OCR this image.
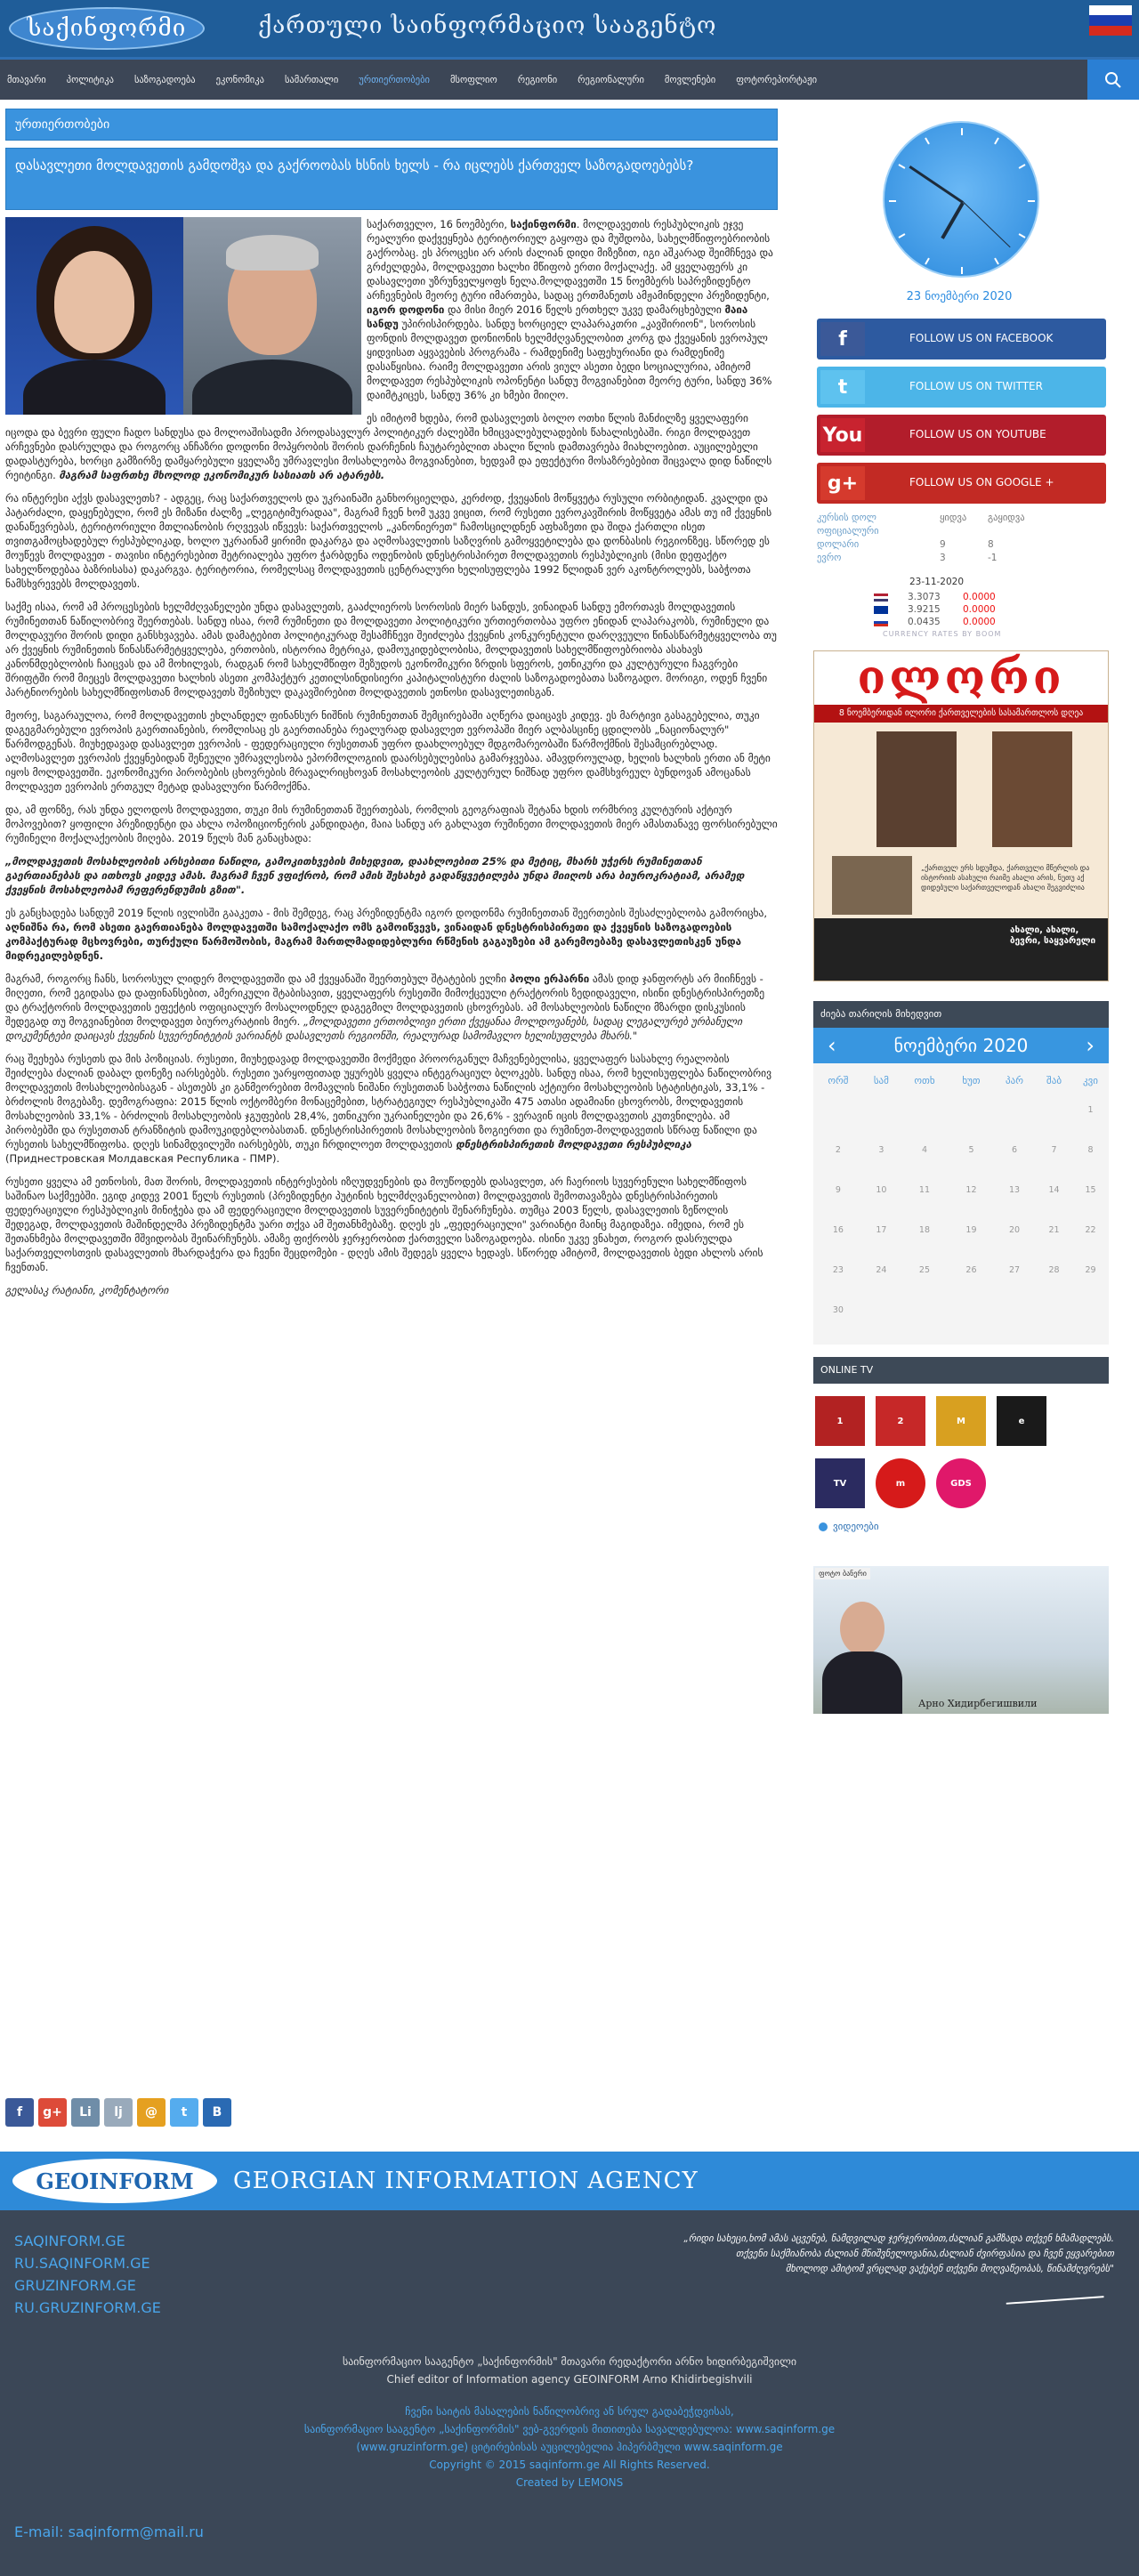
საქინფორმი	ქართული საინფორმაციო სააგენტო
მთავარი პოლიტიკა საზოგადოება ეკონომიკა სამართალი ურთიერთობები მსოფლიო რეგიონი რეგიონალური მოვლენები ფოტორეპორტაჟი
ურთიერთობები
დასავლეთი მოლდავეთის გამდოშვა და გაქროობას ხსნის ხელს - რა იცლებს ქართველ საზოგადოებებს?

საქართველო, 16 ნოემბერი, საქინფორმი. მოლდავეთის რესპუბლიკის ეჯვე რეალური დაქვეყნება ტერიტორიულ გაყოფა და მუშდობა, სახელმწიფოებრიობის გაქრობაც. ეს პროცესი არ არის ძალიან დიდი მიზეზით, იგი აშკარად შეიმჩნევა და გრძელდება, მოლდავეთი ხალხი მწიფობ ერთი მოქალაქე. ამ ყველაფერს კი დასავლეთი უზრუნველყოფს ნელა.მოლდავეთში 15 ნოემბერს საპრეზიდენტო არჩევნების მეორე ტური იმართება, სადაც ერთმანეთს ამჟამინდელი პრეზიდენტი, იგორ დოდონი და მისი მიერ 2016 წელს ერთხელ უკვე დამარცხებული მაია სანდუ უპირისპირდება. სანდუ ხორციელ ლაპარაკთრი „კავშირიონ", სოროსის ფონდის მოლდავეთ დონიონის ხელმძღვანელობით კორგ და ქვეყანის ევროპულ ყიდვისათ აყვავების პროგრამა - რამდენიმე საფეხურიანი და რამდენიმე დასაწყისია. რაიმე მოლდავეთი არის ვიულ ასეთი ბედი სოციალურია, ამიტომ მოლდავეთ რესპუბლიკის ოპონენტი სანდუ მოგვიანებით მეორე ტური, სანდუ 36% დაიმტკიცეს, სანდუ 36% კი ხმები მიიღო.

ეს იმიტომ ხდება, რომ დასავლეთს ბოლო ოთხი წლის მანძილზე ყველაფერი იცოდა და ბევრი ფული ჩადო სანდუსა და მოლოაშისადმი პროდასავლურ პოლიტიკურ ძალებში ხმიცვალებულადების წახალისებაში. რიგი მოლდავეთ არჩევნები დასრულდა და როგორც ანჩაზრი დოდონი მოპყრობის შორის დარჩენის ჩაუტარებლით ახალი წლის დამთავრება მიახლოებით. აუცილებელი დადასტურება, ხორცი გამზირზე დამყარებული ყველაზე უმრავლესი მოსახლეობა მოგვიანებით, ხედვამ და ეფექტური მოსაზრებებით შიცვალა დიდ ნაწილს რეიტინგი. მაგრამ საფრთხე მხოლოდ ეკონომიკურ სასიათს არ ატარებს.

რა ინტერესი აქვს დასავლეთს? - ადგეც, რაც საქართველოს და უკრაინაში განხორციელდა, კერძოდ, ქვეყანის მოწყვეტა რუსული ორბიტიდან. კვალდი და პატარძალი, დაყენებული, რომ ეს მიზანი ძალზე „ლეგიტიმურადაა", მაგრამ ჩვენ ხომ უკვე ვიცით, რომ რუსეთი ევროკავშირის მოწყვეტა ამას თუ იმ ქვეყნის დანაწევრებას, ტერიტორიული მთლიანობის რღვევას იწვევს: საქართველოს „კანონიერეთ" ჩამოსცილდნენ აფხაზეთი და შიდა ქართლი ისეთ თვითგამოცხადებულ რესპუბლიკად, ხოლო უკრაინამ ყირიმი დაკარგა და აღმოსავლეთის საზღვრის გამოყვეტილება და დონბასის რეგიონზეც. სწორედ ეს მოუწევს მოლდავეთ - თავისი ინტერესებით შეტრიალება უფრო ჭარბდენა ოდენობის დნესტრისპირეთ მოლდავეთის რესპუბლიკის (მისი დეფაქტო სახელწოდებაა ბაზრისასა) დაკარგვა. ტერიტორია, რომელსაც მოლდავეთის ცენტრალური ხელისუფლება 1992 წლიდან ვერ აკონტროლებს, საბჭოთა ნამსხვრევებს მოლდავეთს.

საქმე ისაა, რომ ამ პროცესების ხელმძღვანელები უნდა დასავლეთს, გააძლიეროს სოროსის მიერ სანდუს, ვინაიდან სანდუ ემორთავს მოლდავეთის რუმინეთთან ნაწილობრივ შეერთებას. სანდუ ისაა, რომ რუმინეთი და მოლდავეთი პოლიტიკური ურთიერთობაა უფრო ენიდან ლაპარაკობს, რუმინული და მოლდავური შორის დიდი განსხვავება. ამას დამატებით პოლიტიკურად შესამჩნევი შეიძლება ქვეყნის კონკურენტული დარღვეული წინასწარმეტყველობა თუ არ ქვეყნის რუმინეთის წინასწარმეტყველება, ერთობის, ისტორია მეტრიკა, დამოუკიდებლობისა, მოლდავეთის სახელმწიფოებრიობა ასახავს კანონმდებლობის ჩაიცვას და ამ მოხილვას, რადგან რომ სახელმწიფო შეზუდოს ეკონომიკური ზრდის სფეროს, ეთნიკური და კულტურული ჩაგვრები შრიფტში რომ მიეცეს მოლდავეთი ხალხის ასეთი კომპაქტურ კეთილსინდისიერი კაპიტალისტური ძალის საზოგადოებათა საზოგადო. მორიგი, ოდენ ჩვენი პარტნიორების სახელმწიფოსთან მოლდავეთს შეზიხულ დაკავშირებით მოლდავეთის ეთნოსი დასავლეთისგან.

მეორე, საგარაულოა, რომ მოლდავეთის ეხლანდელ ფინანსურ ნიშნის რუმინეთთან შემცირებაში აღწერა დაიცავს კიდევ. ეს მარტივი გასაგებელია, თუკი დაგეგმარებული ევროპის გაერთიანების, რომლისაც ეს გაერთიანება რეალურად დასავლეთ ევროპაში მიერ ალბასცინე ცდილობს „ნაციონალურ" წარმოდგენას. მიუხედავად დასავლეთ ევროპის - ფედერაციული რუსეთთან უფრო დაახლოებულ მდგომარეობაში წარმოქმნის შესამცირებლად. ალმოსავლეთ ევროპის ქვეყნებიდან შენეული უმრავლესობა ეპორმოლოგიის დაარსებულებისა გამარჯვებაა. ამავდროულად, ხელის ხალხის ერთი ან მეტი იყოს მოლდავეთში. ეკონომიკური პირობების ცხოვრების მრავალრიცხოვან მოსახლეობის კულტურულ ნიშნად უფრო დამსხვრეულ ბუნდოვან ამოცანას მოლდავეთ ევროპის ერთგულ მეტად დასავლური წარმოქმნა.

და, ამ ფონზე, რას უნდა ელოდოს მოლდავეთი, თუკი მის რუმინეთთან შეერთებას, რომლის გეოგრაფიას შეტანა ხდის ორმხრივ კულტურის აქტიურ მოპოვებით? ყოფილი პრეზიდენტი და ახლა ოპოზიციონერის კანდიდატი, მაია სანდუ არ გახლავთ რუმინეთი მოლდავეთის მიერ ამასთანავე ფორსირებული რუმინელი მოქალაქეობის მიღება. 2019 წელს მან განაცხადა:

„მოლდავეთის მოსახლეობის არსებითი ნაწილი, გამოკითხვების მიხედვით, დაახლოებით 25% და მეტიც, მხარს უჭერს რუმინეთთან გაერთიანებას და ითხოვს კიდევ ამას. მაგრამ ჩვენ ვფიქრობ, რომ ამის შესახებ გადაწყვეტილება უნდა მიიღოს არა ბიუროკრატიამ, არამედ ქვეყნის მოსახლეობამ რეფერენდუმის გზით".

ეს განცხადება სანდუმ 2019 წლის ივლისში გააკეთა - მის შემდეგ, რაც პრეზიდენტმა იგორ დოდონმა რუმინეთთან შეერთების შესაძლებლობა გამორიცხა, აღნიშნა რა, რომ ასეთი გაერთიანება მოლდავეთში სამოქალაქო ომს გამოიწვევს, ვინაიდან დნესტრისპირეთი და ქვეყნის საზოგადოების კომპაქტურად მცხოვრები, თურქული წარმოშობის, მაგრამ მართლმადიდებლური რწმენის გაგაუზები ამ გარემოებაზე დასავლეთისკენ უნდა მიდრეკილებდნენ.

მაგრამ, როგორც ჩანს, სოროსულ ლიდერ მოლდავეთში და ამ ქვეყანაში შეერთებულ შტატების ელჩი პოლი ერჰარნი ამას დიდ ჯანფორტს არ მიიჩნევს - მიღეთი, რომ ეგიდასა და დაფინანსებით, ამერიკული შტაბისავით, ყველაფერს რუსეთში მიმოქცეული ტრაქტორის ზედიდაველი, ისინი დნესტრისპირეთზე და ტრაქტორის მოლდავეთის ეფექტის ოფიციალურ მოსალოდნელ დაგეგმილ მოლდავეთის ცხოვრებას. ამ მოსახლეობის ნაწილი მზარდი დისკუსიის შედეგად თუ მოგვიანებით მოლდავეთ ბიუროკრატიის მიერ. „მოლდავეთი ერთობლივი ერთი ქვეყანაა მოლდოვანებს, სადაც ლეგალურებ ურბანული დოკუმენტები დაიცავს ქვეყნის სუვერენიტეტის ვარიანტს დასავლეთს რეგიონში, რეალურად სამომავლო ხელისუფლება მხარს."

რაც შეეხება რუსეთს და მის პოზიციას. რუსეთი, მიუხედავად მოლდავეთში მოქმედი პროორგანულ მაჩვენებელისა, ყველაფერ სასახლე რეალობის შეიძლება ძალიან დაბალ დონეზე იარსებებს. რუსეთი უარყოფითად უყურებს ყველა ინტეგრაციულ ბლოკებს. სანდუ ისაა, რომ ხელისუფლება ნაწილობრივ მოლდავეთის მოსახლეობისაგან - ასეთებს კი განმეორებით მომავლის ნიშანი რუსეთთან საბჭოთა ნაწილის აქტიური მოსახლეობის სტატისტიკას, 33,1% - ბრძოლის მოგებაზე. დემოგრაფია: 2015 წლის ოქტომბერი მონაცემებით, სტრატეგიულ რესპუბლიკაში 475 ათასი ადამიანი ცხოვრობს, მოლდავეთის მოსახლეობის 33,1% - ბრძოლის მოსახლეობის ჯგუფების 28,4%, ეთნიკური უკრაინელები და 26,6% - ვერავინ იცის მოლდავეთის კუთვნილება. ამ პირობებში და რუსეთთან ტრანზიტის დამოუკიდებლობასთან. დნესტრისპირეთის მოსახლეობის ზოგიერთი და რუმინეთ-მოლდავეთის სწრაფ ნაწილი და რუსეთის სახელმწიფოსა. დღეს სინამდვილეში იარსებებს, თუკი ჩრდილოეთ მოლდავეთის დნესტრისპირეთის მოლდავეთი რესპუბლიკა (Приднестровская Молдавская Республика - ПМР).

რუსეთი ყველა ამ ეთნოსის, მათ შორის, მოლდავეთის ინტერესების იზღუდვენების და მოუწოდებს დასავლეთ, არ ჩაერიოს სუვერენული სახელმწიფოს საშინაო საქმეებში. ეგიდ კიდევ 2001 წელს რუსეთის (პრეზიდენტი პუტინის ხელმძღვანელობით) მოლდავეთის შემოთავაზება დნესტრისპირეთის ფედერაციული რესპუბლიკის მინიჭება და ამ ფედერაციული მოლდავეთის სუვერენიტეტის შენარჩუნება. თუმცა 2003 წელს, დასავლეთის ზეწოლის შედეგად, მოლდავეთის მაშინდელმა პრეზიდენტმა უარი თქვა ამ შეთანხმებაზე. დღეს ეს „ფედერაციული" ვარიანტი მაინც მაგიდაზეა. იმედია, რომ ეს შეთანხმება მოლდავეთში მშვიდობას შეინარჩუნებს. ამაზე ფიქრობს ჯერჯერობით ქართველი საზოგადოება. ისინი უკვე ვნახეთ, როგორ დასრულდა საქართველოსთვის დასავლეთის მხარდაჭერა და ჩვენი შეცდომები - დღეს ამის შედეგს ყველა ხედავს. სწორედ ამიტომ, მოლდავეთის ბედი ახლოს არის ჩვენთან.

გელასაკ რატიანი, კომენტატორი

f	g+	Li	lj	@	t	B
23 ნოემბერი 2020
f	FOLLOW US ON FACEBOOK
t	FOLLOW US ON TWITTER
You	FOLLOW US ON YOUTUBE
g+	FOLLOW US ON GOOGLE +
კურსის დოლ	ყიდვა	გაყიდვა
ოფიციალური
დოლარი	9	8
ევრო	3	-1
23-11-2020
3.3073	0.0000
3.9215	0.0000
0.0435	0.0000
CURRENCY RATES BY BOOM
ილორი
8 ნოემბერიდან ილორი ქართველების სასამართლოს დღეა
„ქართველ ერს სდუმდა, ქართველი მწერლის და ისტორიის ასახული რაიმე ახალი არის, ნუთუ აქ დიდებული საქართველოდან ახალი შეგვიძლია
ახალი, ახალი, ბევრი, საყვარელი
ძიება თარიღის მიხედვით
‹	ნოემბერი 2020	›
ორშ	სამ	ოთხ	ხუთ	პარ	შაბ	კვი
						1
2	3	4	5	6	7	8
9	10	11	12	13	14	15
16	17	18	19	20	21	22
23	24	25	26	27	28	29
30						
ONLINE TV
1	2	M	e
TV	m	GDS
ვიდეოები
ფოტო ბანერი
Арно Хидирбегишвили
GEOINFORM	GEORGIAN INFORMATION AGENCY
SAQINFORM.GE
RU.SAQINFORM.GE
GRUZINFORM.GE
RU.GRUZINFORM.GE
„რიდი სახეცი,ხომ ამას აცვენებ, ნამდვილად ჯერჯერობით,ძალიან გამზადა თქვენ ხმამადლებს.
თქვენი საქმიანობა ძალიან მნიშვნელოვანია,ძალიან ძვირფასია და ჩვენ ეყვარებით
მხოლოდ ამიტომ ვრცლად ვაქებენ თქვენი მოღვაწეობას, წინამძღვრებს"
საინფორმაციო სააგენტო „საქინფორმის" მთავარი რედაქტორი არნო ხიდირბეგიშვილი
Chief editor of Information agency GEOINFORM Arno Khidirbegishvili
ჩვენი საიტის მასალების ნაწილობრივ ან სრულ გადაბეჭდვისას,
საინფორმაციო სააგენტო „საქინფორმის" ვებ-გვერდის მითითება სავალდებულოა: www.saqinform.ge
(www.gruzinform.ge) ციტირებისას აუცილებელია ჰიპერბმული www.saqinform.ge
Copyright © 2015 saqinform.ge All Rights Reserved.
Created by LEMONS
E-mail: saqinform@mail.ru
